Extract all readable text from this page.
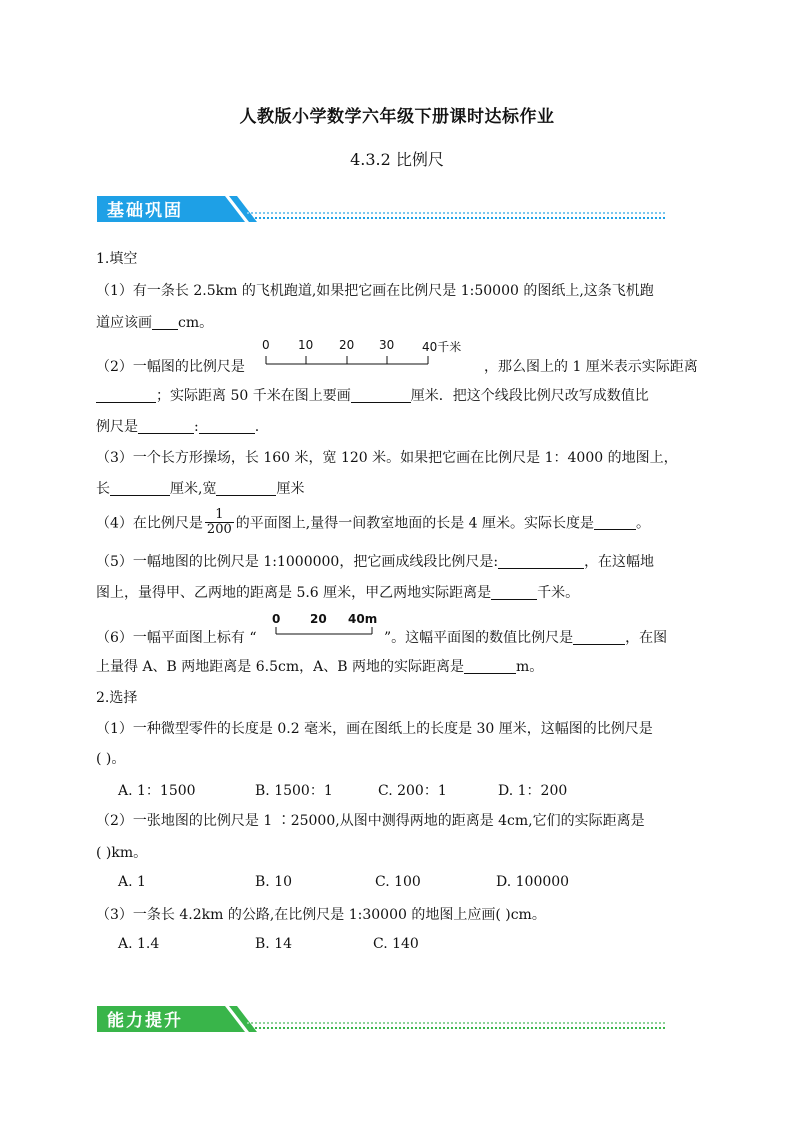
人教版小学数学六年级下册课时达标作业
4.3.2 比例尺
基础巩固
1.填空
（1）有一条长 2.5km 的飞机跑道,如果把它画在比例尺是 1:50000 的图纸上,这条飞机跑
道应该画 cm。
（2）一幅图的比例尺是
0 10 20 30 40千米
，那么图上的 1 厘米表示实际距离
；实际距离 50 千米在图上要画	厘米．把这个线段比例尺改写成数值比
例尺是	:	.
（3）一个长方形操场，长 160 米，宽 120 米。如果把它画在比例尺是 1：4000 的地图上，
长	厘米,宽	厘米
（4）在比例尺是 $\frac{1}{200}$ 的平面图上,量得一间教室地面的长是 4 厘米。实际长度是	。
（5）一幅地图的比例尺是 1:1000000，把它画成线段比例尺是:	，在这幅地
图上，量得甲、乙两地的距离是 5.6 厘米，甲乙两地实际距离是	千米。
（6）一幅平面图上标有 “
0 20 40m
”。这幅平面图的数值比例尺是	，在图
上量得 A、B 两地距离是 6.5cm，A、B 两地的实际距离是	m。
2.选择
（1）一种微型零件的长度是 0.2 毫米，画在图纸上的长度是 30 厘米，这幅图的比例尺是
( )。
A. 1：1500	B. 1500：1	C. 200：1	D. 1：200
（2）一张地图的比例尺是 1 ∶25000,从图中测得两地的距离是 4cm,它们的实际距离是
( )km。
A. 1	B. 10	C. 100	D. 100000
（3）一条长 4.2km 的公路,在比例尺是 1:30000 的地图上应画( )cm。
A. 1.4	B. 14	C. 140
能力提升
